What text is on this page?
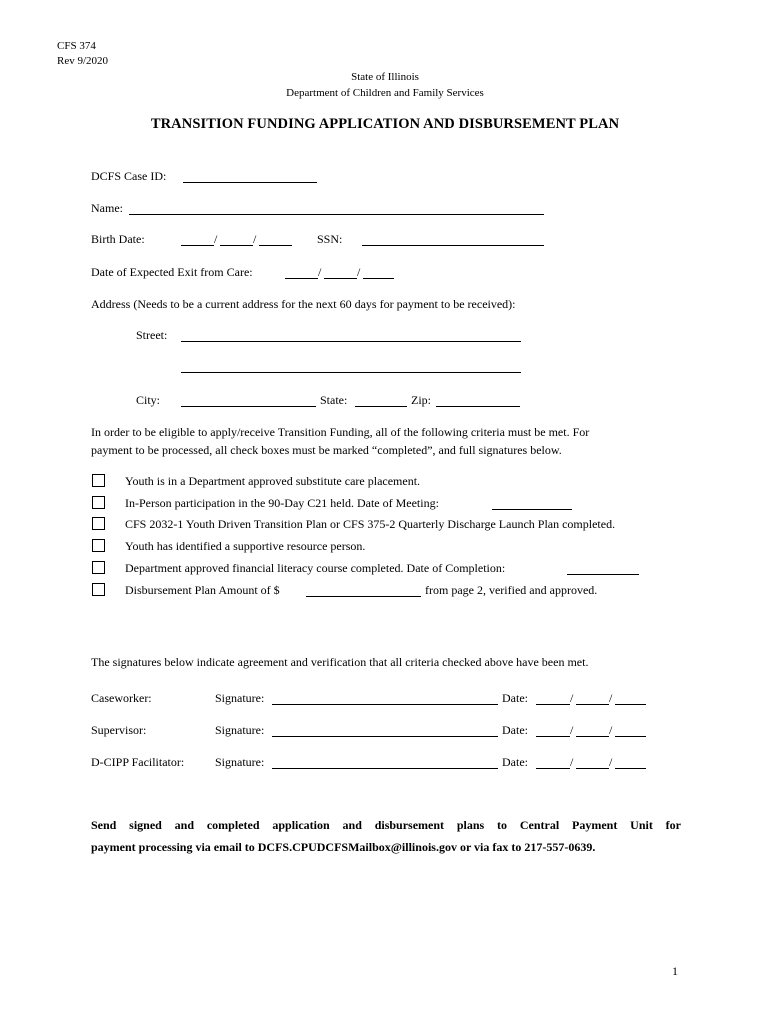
CFS 374
Rev 9/2020
State of Illinois
Department of Children and Family Services
TRANSITION FUNDING APPLICATION AND DISBURSEMENT PLAN
DCFS Case ID:
Name:
Birth Date:	/	/	SSN:
Date of Expected Exit from Care:	/	/
Address (Needs to be a current address for the next 60 days for payment to be received):
Street:
City:	State:	Zip:
In order to be eligible to apply/receive Transition Funding, all of the following criteria must be met. For
payment to be processed, all check boxes must be marked “completed”, and full signatures below.
Youth is in a Department approved substitute care placement.
In-Person participation in the 90-Day C21 held. Date of Meeting:
CFS 2032-1 Youth Driven Transition Plan or CFS 375-2 Quarterly Discharge Launch Plan completed.
Youth has identified a supportive resource person.
Department approved financial literacy course completed. Date of Completion:
Disbursement Plan Amount of $	from page 2, verified and approved.
The signatures below indicate agreement and verification that all criteria checked above have been met.
Caseworker:	Signature:	Date:	/	/
Supervisor:	Signature:	Date:	/	/
D-CIPP Facilitator:	Signature:	Date:	/	/
Send signed and completed application and disbursement plans to Central Payment Unit for
payment processing via email to DCFS.CPUDCFSMailbox@illinois.gov or via fax to 217-557-0639.
1
